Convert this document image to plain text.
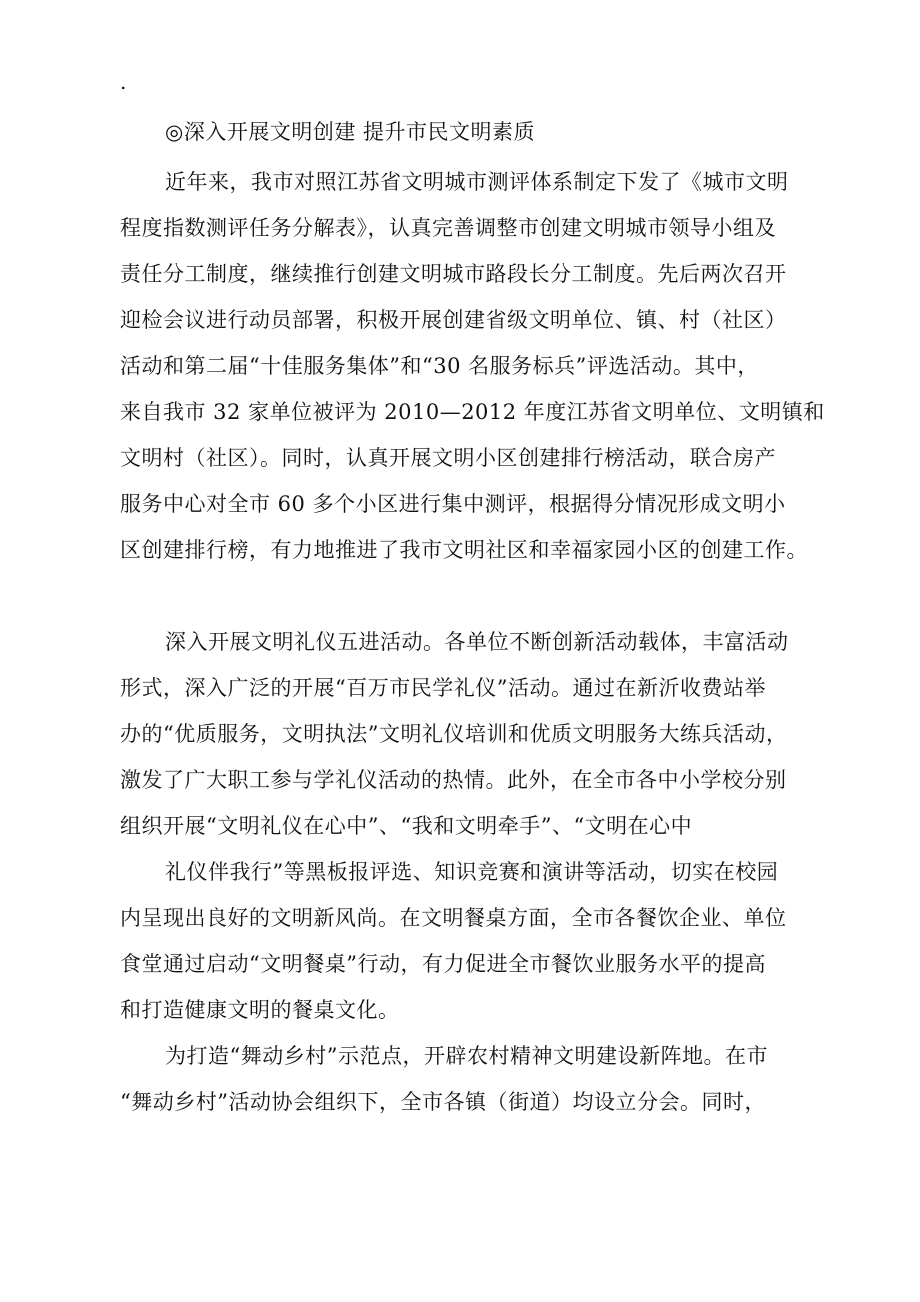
.
◎深入开展文明创建 提升市民文明素质
近年来，我市对照江苏省文明城市测评体系制定下发了《城市文明
程度指数测评任务分解表》，认真完善调整市创建文明城市领导小组及
责任分工制度，继续推行创建文明城市路段长分工制度。先后两次召开
迎检会议进行动员部署，积极开展创建省级文明单位、镇、村（社区）
活动和第二届“十佳服务集体”和“30 名服务标兵”评选活动。其中，
来自我市 32 家单位被评为 2010—2012 年度江苏省文明单位、文明镇和
文明村（社区）。同时，认真开展文明小区创建排行榜活动，联合房产
服务中心对全市 60 多个小区进行集中测评，根据得分情况形成文明小
区创建排行榜，有力地推进了我市文明社区和幸福家园小区的创建工作。
深入开展文明礼仪五进活动。各单位不断创新活动载体，丰富活动
形式，深入广泛的开展“百万市民学礼仪”活动。通过在新沂收费站举
办的“优质服务，文明执法”文明礼仪培训和优质文明服务大练兵活动，
激发了广大职工参与学礼仪活动的热情。此外，在全市各中小学校分别
组织开展“文明礼仪在心中”、“我和文明牵手”、“文明在心中
礼仪伴我行”等黑板报评选、知识竞赛和演讲等活动，切实在校园
内呈现出良好的文明新风尚。在文明餐桌方面，全市各餐饮企业、单位
食堂通过启动“文明餐桌”行动，有力促进全市餐饮业服务水平的提高
和打造健康文明的餐桌文化。
为打造“舞动乡村”示范点，开辟农村精神文明建设新阵地。在市
“舞动乡村”活动协会组织下，全市各镇（街道）均设立分会。同时，
